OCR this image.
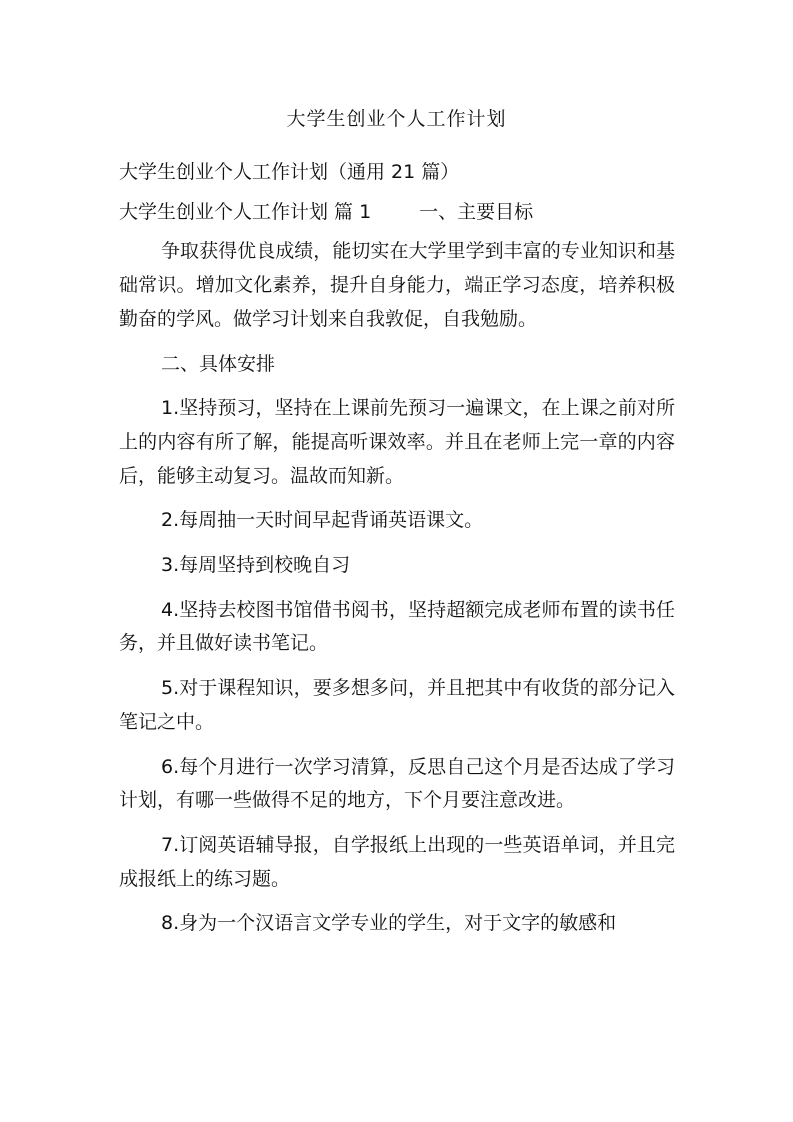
大学生创业个人工作计划

大学生创业个人工作计划（通用 21 篇）

大学生创业个人工作计划 篇 1	一、主要目标

争取获得优良成绩，能切实在大学里学到丰富的专业知识和基础常识。增加文化素养，提升自身能力，端正学习态度，培养积极勤奋的学风。做学习计划来自我敦促，自我勉励。

二、具体安排

1.坚持预习，坚持在上课前先预习一遍课文，在上课之前对所上的内容有所了解，能提高听课效率。并且在老师上完一章的内容后，能够主动复习。温故而知新。

2.每周抽一天时间早起背诵英语课文。

3.每周坚持到校晚自习

4.坚持去校图书馆借书阅书，坚持超额完成老师布置的读书任务，并且做好读书笔记。

5.对于课程知识，要多想多问，并且把其中有收货的部分记入笔记之中。

6.每个月进行一次学习清算，反思自己这个月是否达成了学习计划，有哪一些做得不足的地方，下个月要注意改进。

7.订阅英语辅导报，自学报纸上出现的一些英语单词，并且完成报纸上的练习题。

8.身为一个汉语言文学专业的学生，对于文字的敏感和
